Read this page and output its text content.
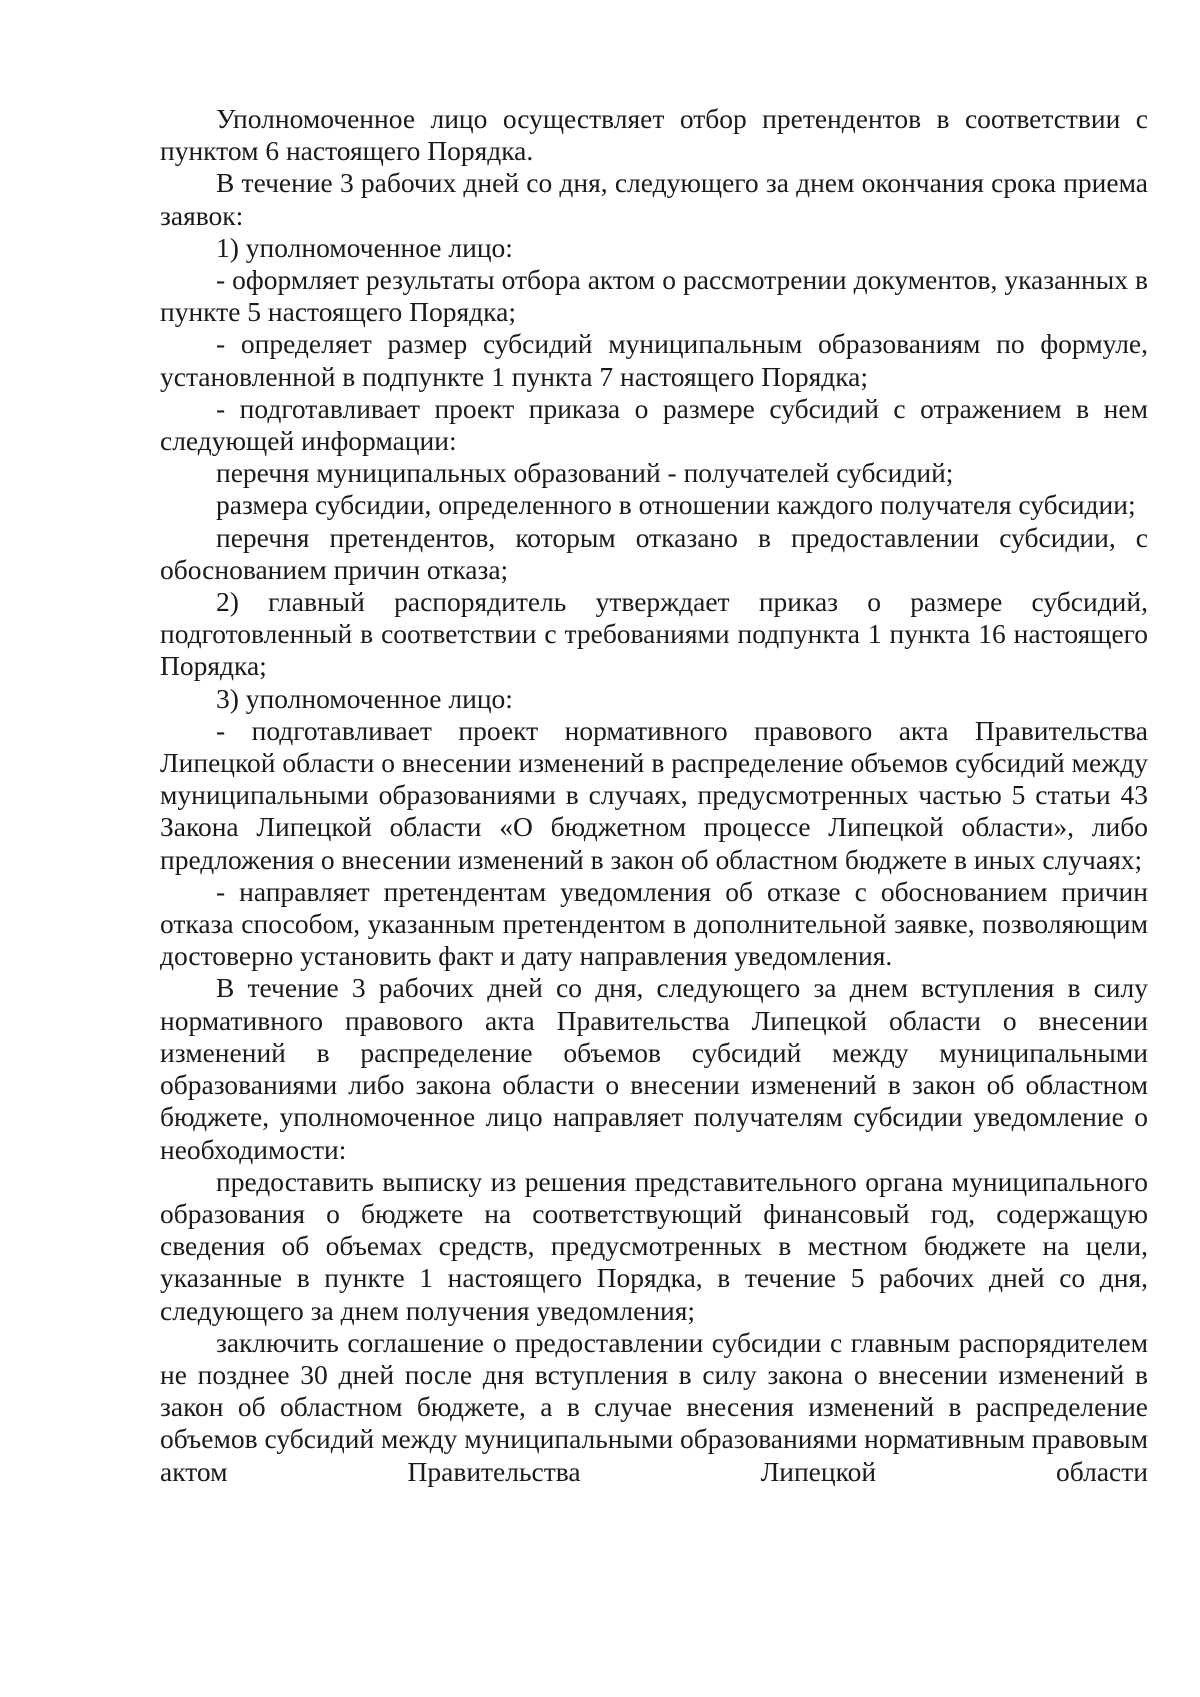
Уполномоченное лицо осуществляет отбор претендентов в соответствии с пунктом 6 настоящего Порядка.

В течение 3 рабочих дней со дня, следующего за днем окончания срока приема заявок:

1) уполномоченное лицо:

- оформляет результаты отбора актом о рассмотрении документов, указанных в пункте 5 настоящего Порядка;

- определяет размер субсидий муниципальным образованиям по формуле, установленной в подпункте 1 пункта 7 настоящего Порядка;

- подготавливает проект приказа о размере субсидий с отражением в нем следующей информации:

перечня муниципальных образований - получателей субсидий;

размера субсидии, определенного в отношении каждого получателя субсидии;

перечня претендентов, которым отказано в предоставлении субсидии, с обоснованием причин отказа;

2) главный распорядитель утверждает приказ о размере субсидий, подготовленный в соответствии с требованиями подпункта 1 пункта 16 настоящего Порядка;

3) уполномоченное лицо:

- подготавливает проект нормативного правового акта Правительства Липецкой области о внесении изменений в распределение объемов субсидий между муниципальными образованиями в случаях, предусмотренных частью 5 статьи 43 Закона Липецкой области «О бюджетном процессе Липецкой области», либо предложения о внесении изменений в закон об областном бюджете в иных случаях;

- направляет претендентам уведомления об отказе с обоснованием причин отказа способом, указанным претендентом в дополнительной заявке, позволяющим достоверно установить факт и дату направления уведомления.

В течение 3 рабочих дней со дня, следующего за днем вступления в силу нормативного правового акта Правительства Липецкой области о внесении изменений в распределение объемов субсидий между муниципальными образованиями либо закона области о внесении изменений в закон об областном бюджете, уполномоченное лицо направляет получателям субсидии уведомление о необходимости:

предоставить выписку из решения представительного органа муниципального образования о бюджете на соответствующий финансовый год, содержащую сведения об объемах средств, предусмотренных в местном бюджете на цели, указанные в пункте 1 настоящего Порядка, в течение 5 рабочих дней со дня, следующего за днем получения уведомления;

заключить соглашение о предоставлении субсидии с главным распорядителем не позднее 30 дней после дня вступления в силу закона о внесении изменений в закон об областном бюджете, а в случае внесения изменений в распределение объемов субсидий между муниципальными образованиями нормативным правовым актом Правительства Липецкой области
